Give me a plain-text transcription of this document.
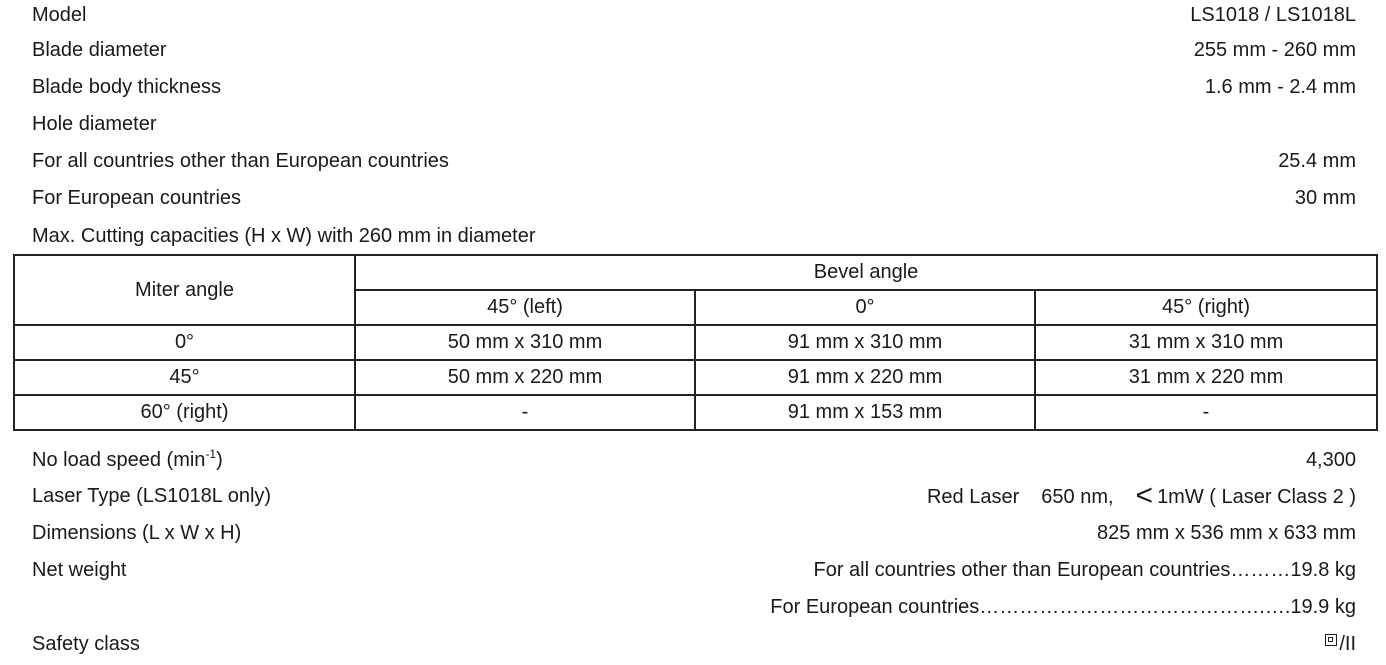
Model	LS1018 / LS1018L
Blade diameter	255 mm - 260 mm
Blade body thickness	1.6 mm - 2.4 mm
Hole diameter
For all countries other than European countries	25.4 mm
For European countries	30 mm
Max. Cutting capacities (H x W) with 260 mm in diameter
Miter angle	Bevel angle		
	45° (left)	0°	45° (right)
0°	50 mm x 310 mm	91 mm x 310 mm	31 mm x 310 mm
45°	50 mm x 220 mm	91 mm x 220 mm	31 mm x 220 mm
60° (right)	-	91 mm x 153 mm	-
No load speed $(\min^{-1})$	4,300
Laser Type (LS1018L only)	Red Laser 650 nm, < 1mW ( Laser Class 2 )
Dimensions (L x W x H)	825 mm x 536 mm x 633 mm
Net weight	For all countries other than European countries………19.8 kg
For European countries…………………………………….….19.9 kg
Safety class	/II
